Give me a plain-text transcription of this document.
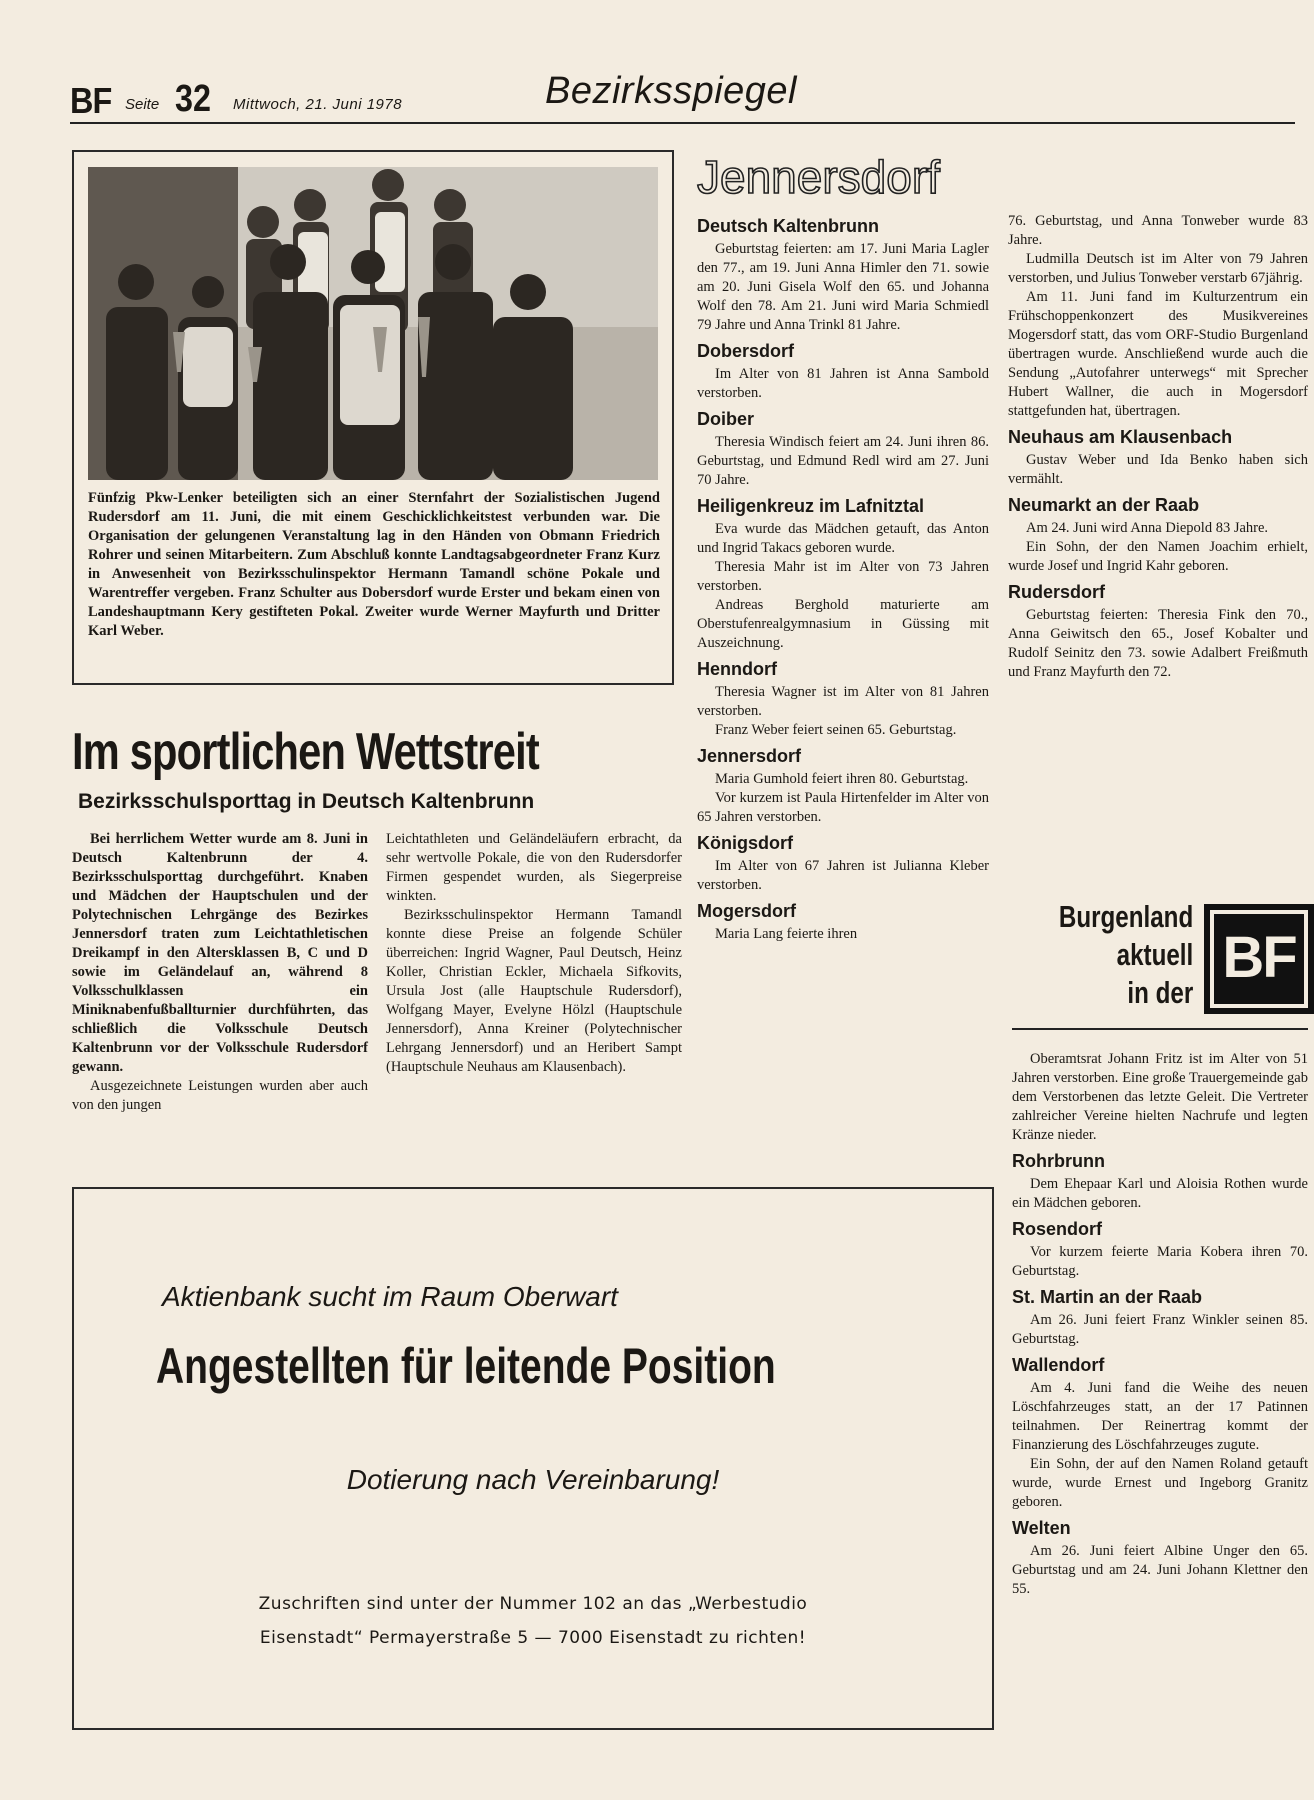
BF Seite 32 Mittwoch, 21. Juni 1978	Bezirksspiegel
Fünfzig Pkw-Lenker beteiligten sich an einer Sternfahrt der Sozialistischen Jugend Rudersdorf am 11. Juni, die mit einem Geschicklichkeitstest verbunden war. Die Organisation der gelungenen Veranstaltung lag in den Händen von Obmann Friedrich Rohrer und seinen Mitarbeitern. Zum Abschluß konnte Landtagsabgeordneter Franz Kurz in Anwesenheit von Bezirksschulinspektor Hermann Tamandl schöne Pokale und Warentreffer vergeben. Franz Schulter aus Dobersdorf wurde Erster und bekam einen von Landeshauptmann Kery gestifteten Pokal. Zweiter wurde Werner Mayfurth und Dritter Karl Weber.
Im sportlichen Wettstreit
Bezirksschulsporttag in Deutsch Kaltenbrunn

Bei herrlichem Wetter wurde am 8. Juni in Deutsch Kaltenbrunn der 4. Bezirksschulsporttag durchgeführt. Knaben und Mädchen der Hauptschulen und der Polytechnischen Lehrgänge des Bezirkes Jennersdorf traten zum Leichtathletischen Dreikampf in den Altersklassen B, C und D sowie im Geländelauf an, während 8 Volksschulklassen ein Miniknabenfußballturnier durchführten, das schließlich die Volksschule Deutsch Kaltenbrunn vor der Volksschule Rudersdorf gewann.

Ausgezeichnete Leistungen wurden aber auch von den jungen

Leichtathleten und Geländeläufern erbracht, da sehr wertvolle Pokale, die von den Rudersdorfer Firmen gespendet wurden, als Siegerpreise winkten.

Bezirksschulinspektor Hermann Tamandl konnte diese Preise an folgende Schüler überreichen: Ingrid Wagner, Paul Deutsch, Heinz Koller, Christian Eckler, Michaela Sifkovits, Ursula Jost (alle Hauptschule Rudersdorf), Wolfgang Mayer, Evelyne Hölzl (Hauptschule Jennersdorf), Anna Kreiner (Polytechnischer Lehrgang Jennersdorf) und an Heribert Sampt (Hauptschule Neuhaus am Klausenbach).

Jennersdorf
Deutsch Kaltenbrunn

Geburtstag feierten: am 17. Juni Maria Lagler den 77., am 19. Juni Anna Himler den 71. sowie am 20. Juni Gisela Wolf den 65. und Johanna Wolf den 78. Am 21. Juni wird Maria Schmiedl 79 Jahre und Anna Trinkl 81 Jahre.

Dobersdorf

Im Alter von 81 Jahren ist Anna Sambold verstorben.

Doiber

Theresia Windisch feiert am 24. Juni ihren 86. Geburtstag, und Edmund Redl wird am 27. Juni 70 Jahre.

Heiligenkreuz im Lafnitztal

Eva wurde das Mädchen getauft, das Anton und Ingrid Takacs geboren wurde.

Theresia Mahr ist im Alter von 73 Jahren verstorben.

Andreas Berghold maturierte am Oberstufenrealgymnasium in Güssing mit Auszeichnung.

Henndorf

Theresia Wagner ist im Alter von 81 Jahren verstorben.

Franz Weber feiert seinen 65. Geburtstag.

Jennersdorf

Maria Gumhold feiert ihren 80. Geburtstag.

Vor kurzem ist Paula Hirtenfelder im Alter von 65 Jahren verstorben.

Königsdorf

Im Alter von 67 Jahren ist Julianna Kleber verstorben.

Mogersdorf

Maria Lang feierte ihren

76. Geburtstag, und Anna Tonweber wurde 83 Jahre.

Ludmilla Deutsch ist im Alter von 79 Jahren verstorben, und Julius Tonweber verstarb 67jährig.

Am 11. Juni fand im Kulturzentrum ein Frühschoppenkonzert des Musikvereines Mogersdorf statt, das vom ORF-Studio Burgenland übertragen wurde. Anschließend wurde auch die Sendung „Autofahrer unterwegs“ mit Sprecher Hubert Wallner, die auch in Mogersdorf stattgefunden hat, übertragen.

Neuhaus am Klausenbach

Gustav Weber und Ida Benko haben sich vermählt.

Neumarkt an der Raab

Am 24. Juni wird Anna Diepold 83 Jahre.

Ein Sohn, der den Namen Joachim erhielt, wurde Josef und Ingrid Kahr geboren.

Rudersdorf

Geburtstag feierten: Theresia Fink den 70., Anna Geiwitsch den 65., Josef Kobalter und Rudolf Seinitz den 73. sowie Adalbert Freißmuth und Franz Mayfurth den 72.

Burgenland
aktuell
in der
BF

Oberamtsrat Johann Fritz ist im Alter von 51 Jahren verstorben. Eine große Trauergemeinde gab dem Verstorbenen das letzte Geleit. Die Vertreter zahlreicher Vereine hielten Nachrufe und legten Kränze nieder.

Rohrbrunn

Dem Ehepaar Karl und Aloisia Rothen wurde ein Mädchen geboren.

Rosendorf

Vor kurzem feierte Maria Kobera ihren 70. Geburtstag.

St. Martin an der Raab

Am 26. Juni feiert Franz Winkler seinen 85. Geburtstag.

Wallendorf

Am 4. Juni fand die Weihe des neuen Löschfahrzeuges statt, an der 17 Patinnen teilnahmen. Der Reinertrag kommt der Finanzierung des Löschfahrzeuges zugute.

Ein Sohn, der auf den Namen Roland getauft wurde, wurde Ernest und Ingeborg Granitz geboren.

Welten

Am 26. Juni feiert Albine Unger den 65. Geburtstag und am 24. Juni Johann Klettner den 55.

Aktienbank sucht im Raum Oberwart
Angestellten für leitende Position
Dotierung nach Vereinbarung!
Zuschriften sind unter der Nummer 102 an das „Werbestudio
Eisenstadt“ Permayerstraße 5 — 7000 Eisenstadt zu richten!
